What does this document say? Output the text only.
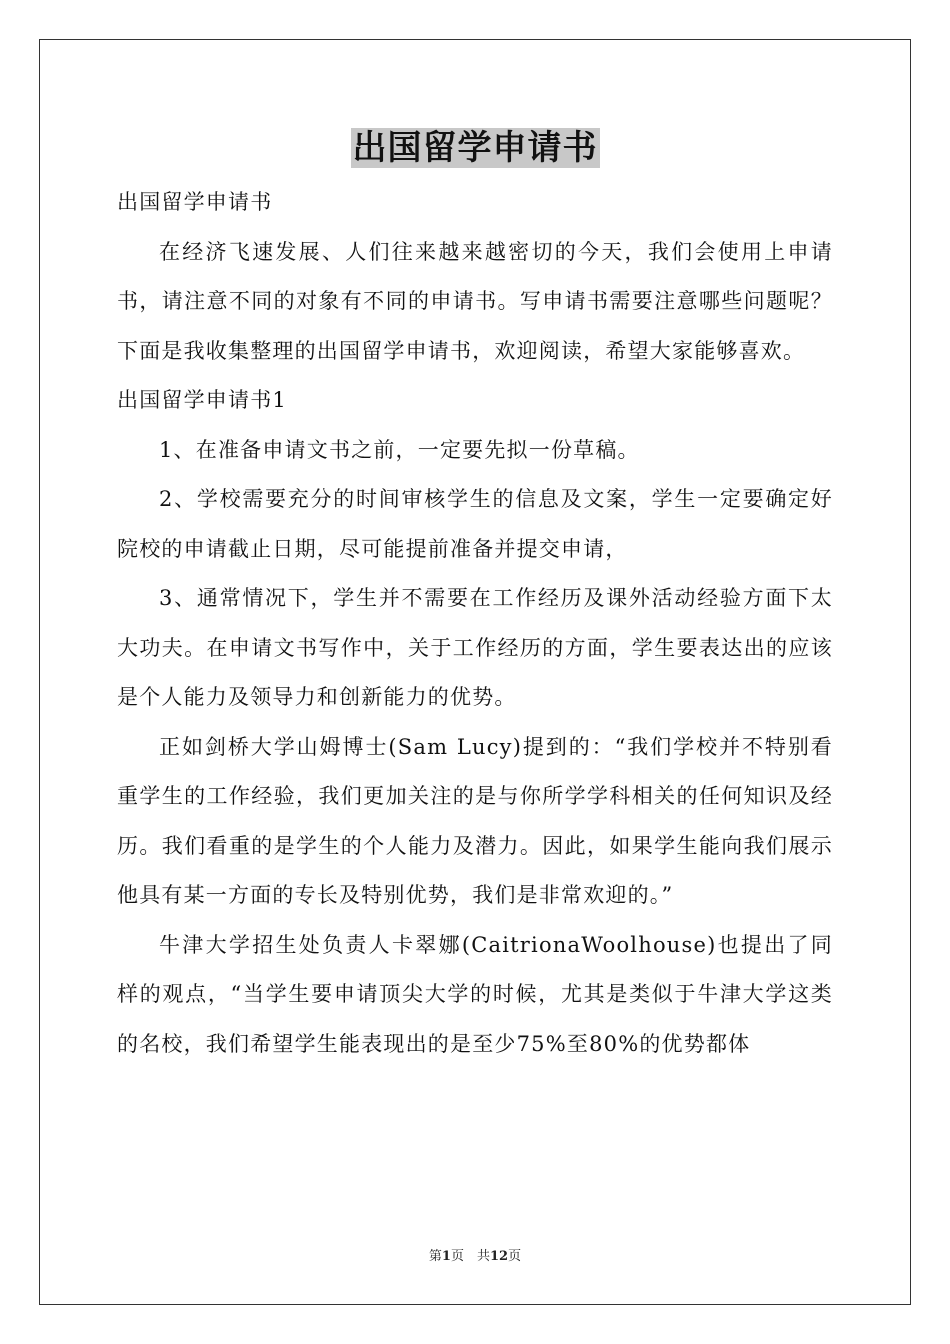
出国留学申请书

出国留学申请书

在经济飞速发展、人们往来越来越密切的今天，我们会使用上申请书，请注意不同的对象有不同的申请书。写申请书需要注意哪些问题呢？下面是我收集整理的出国留学申请书，欢迎阅读，希望大家能够喜欢。

出国留学申请书1

1、在准备申请文书之前，一定要先拟一份草稿。

2、学校需要充分的时间审核学生的信息及文案，学生一定要确定好院校的申请截止日期，尽可能提前准备并提交申请，

3、通常情况下，学生并不需要在工作经历及课外活动经验方面下太大功夫。在申请文书写作中，关于工作经历的方面，学生要表达出的应该是个人能力及领导力和创新能力的优势。

正如剑桥大学山姆博士(Sam Lucy)提到的：“我们学校并不特别看重学生的工作经验，我们更加关注的是与你所学学科相关的任何知识及经历。我们看重的是学生的个人能力及潜力。因此，如果学生能向我们展示他具有某一方面的专长及特别优势，我们是非常欢迎的。”

牛津大学招生处负责人卡翠娜(CaitrionaWoolhouse)也提出了同样的观点，“当学生要申请顶尖大学的时候，尤其是类似于牛津大学这类的名校，我们希望学生能表现出的是至少75%至80%的优势都体

第1页　共12页
